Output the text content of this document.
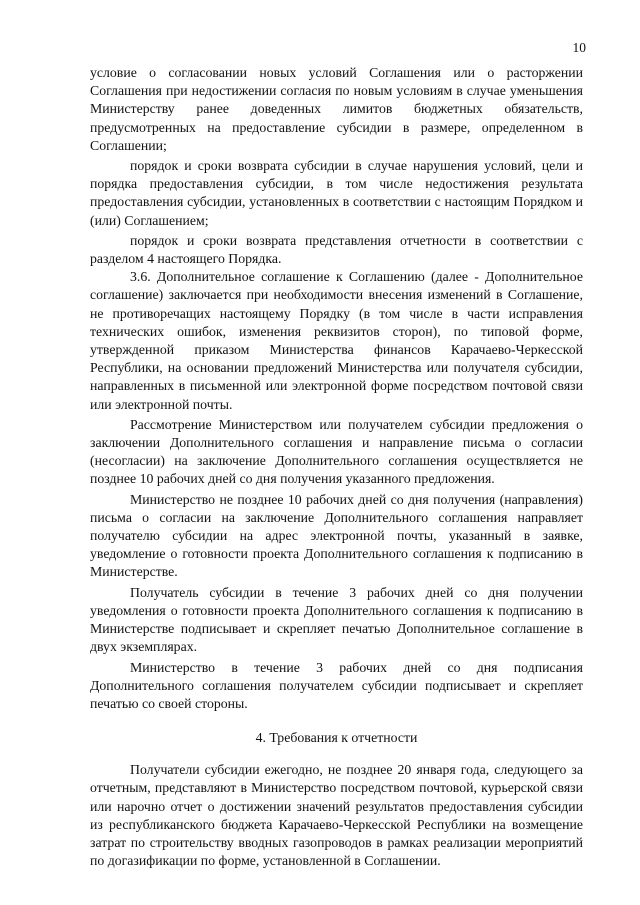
10

условие о согласовании новых условий Соглашения или о расторжении Соглашения при недостижении согласия по новым условиям в случае уменьшения Министерству ранее доведенных лимитов бюджетных обязательств, предусмотренных на предоставление субсидии в размере, определенном в Соглашении;

порядок и сроки возврата субсидии в случае нарушения условий, цели и порядка предоставления субсидии, в том числе недостижения результата предоставления субсидии, установленных в соответствии с настоящим Порядком и (или) Соглашением;

порядок и сроки возврата представления отчетности в соответствии с разделом 4 настоящего Порядка.

3.6. Дополнительное соглашение к Соглашению (далее - Дополнительное соглашение) заключается при необходимости внесения изменений в Соглашение, не противоречащих настоящему Порядку (в том числе в части исправления технических ошибок, изменения реквизитов сторон), по типовой форме, утвержденной приказом Министерства финансов Карачаево-Черкесской Республики, на основании предложений Министерства или получателя субсидии, направленных в письменной или электронной форме посредством почтовой связи или электронной почты.

Рассмотрение Министерством или получателем субсидии предложения о заключении Дополнительного соглашения и направление письма о согласии (несогласии) на заключение Дополнительного соглашения осуществляется не позднее 10 рабочих дней со дня получения указанного предложения.

Министерство не позднее 10 рабочих дней со дня получения (направления) письма о согласии на заключение Дополнительного соглашения направляет получателю субсидии на адрес электронной почты, указанный в заявке, уведомление о готовности проекта Дополнительного соглашения к подписанию в Министерстве.

Получатель субсидии в течение 3 рабочих дней со дня получении уведомления о готовности проекта Дополнительного соглашения к подписанию в Министерстве подписывает и скрепляет печатью Дополнительное соглашение в двух экземплярах.

Министерство в течение 3 рабочих дней со дня подписания Дополнительного соглашения получателем субсидии подписывает и скрепляет печатью со своей стороны.

4. Требования к отчетности

Получатели субсидии ежегодно, не позднее 20 января года, следующего за отчетным, представляют в Министерство посредством почтовой, курьерской связи или нарочно отчет о достижении значений результатов предоставления субсидии из республиканского бюджета Карачаево-Черкесской Республики на возмещение затрат по строительству вводных газопроводов в рамках реализации мероприятий по догазификации по форме, установленной в Соглашении.
